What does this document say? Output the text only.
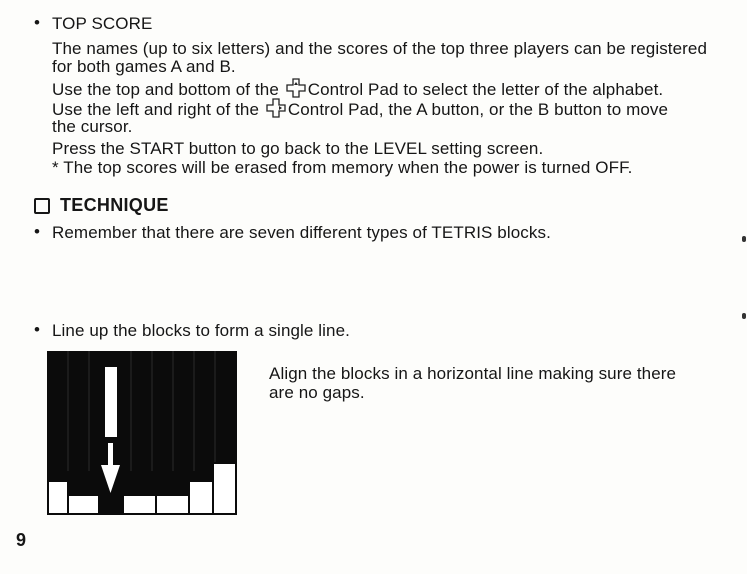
• TOP SCORE
The names (up to six letters) and the scores of the top three players can be registered
for both games A and B.
Use the top and bottom of the Control Pad to select the letter of the alphabet.
Use the left and right of the Control Pad, the A button, or the B button to move
the cursor.
Press the START button to go back to the LEVEL setting screen.
* The top scores will be erased from memory when the power is turned OFF.
TECHNIQUE
• Remember that there are seven different types of TETRIS blocks.
• Line up the blocks to form a single line.
Align the blocks in a horizontal line making sure there
are no gaps.
9
